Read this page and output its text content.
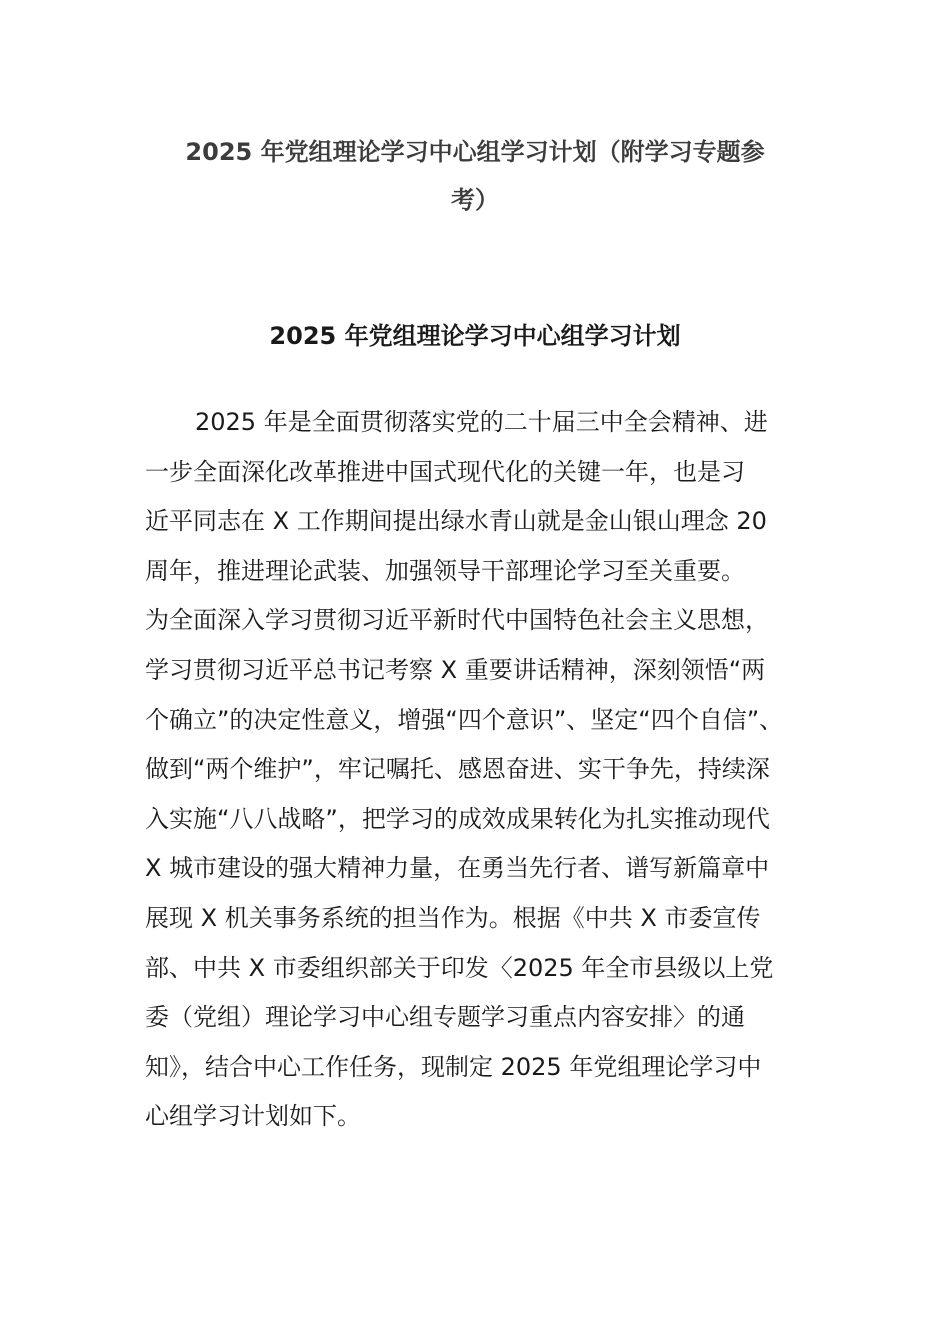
2025 年党组理论学习中心组学习计划（附学习专题参
考）
2025 年党组理论学习中心组学习计划

2025 年是全面贯彻落实党的二十届三中全会精神、进
一步全面深化改革推进中国式现代化的关键一年，也是习
近平同志在 X 工作期间提出绿水青山就是金山银山理念 20
周年，推进理论武装、加强领导干部理论学习至关重要。
为全面深入学习贯彻习近平新时代中国特色社会主义思想，
学习贯彻习近平总书记考察 X 重要讲话精神，深刻领悟“两
个确立”的决定性意义，增强“四个意识”、坚定“四个自信”、
做到“两个维护”，牢记嘱托、感恩奋进、实干争先，持续深
入实施“八八战略”，把学习的成效成果转化为扎实推动现代
X 城市建设的强大精神力量，在勇当先行者、谱写新篇章中
展现 X 机关事务系统的担当作为。根据《中共 X 市委宣传
部、中共 X 市委组织部关于印发〈2025 年全市县级以上党
委（党组）理论学习中心组专题学习重点内容安排〉的通
知》，结合中心工作任务，现制定 2025 年党组理论学习中
心组学习计划如下。
